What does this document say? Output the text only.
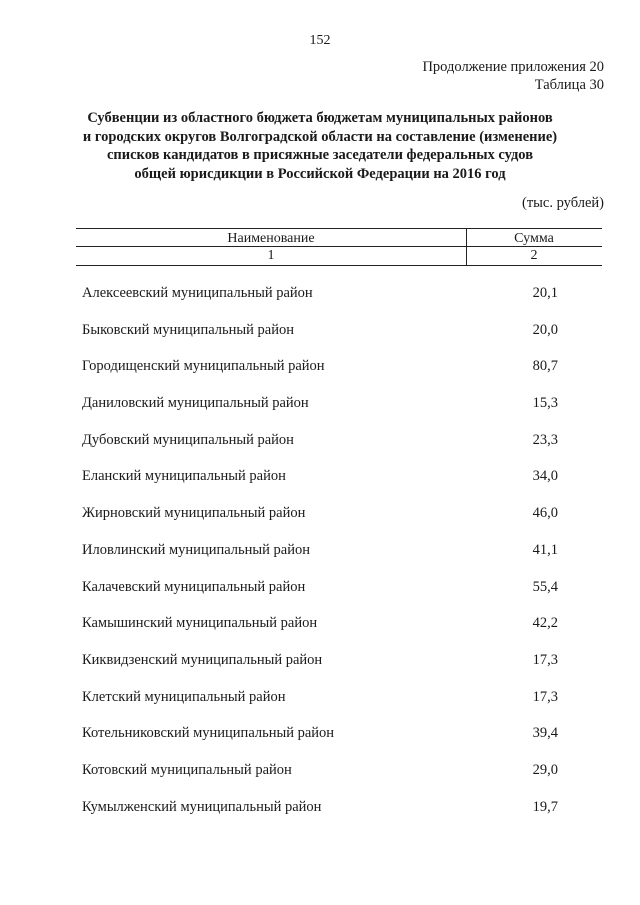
152
Продолжение приложения 20
Таблица 30
Субвенции из областного бюджета бюджетам муниципальных районов
и городских округов Волгоградской области на составление (изменение)
списков кандидатов в присяжные заседатели федеральных судов
общей юрисдикции в Российской Федерации на 2016 год
(тыс. рублей)
Наименование	Сумма
1	2
Алексеевский муниципальный район	20,1
Быковский муниципальный район	20,0
Городищенский муниципальный район	80,7
Даниловский муниципальный район	15,3
Дубовский муниципальный район	23,3
Еланский муниципальный район	34,0
Жирновский муниципальный район	46,0
Иловлинский муниципальный район	41,1
Калачевский муниципальный район	55,4
Камышинский муниципальный район	42,2
Киквидзенский муниципальный район	17,3
Клетский муниципальный район	17,3
Котельниковский муниципальный район	39,4
Котовский муниципальный район	29,0
Кумылженский муниципальный район	19,7
